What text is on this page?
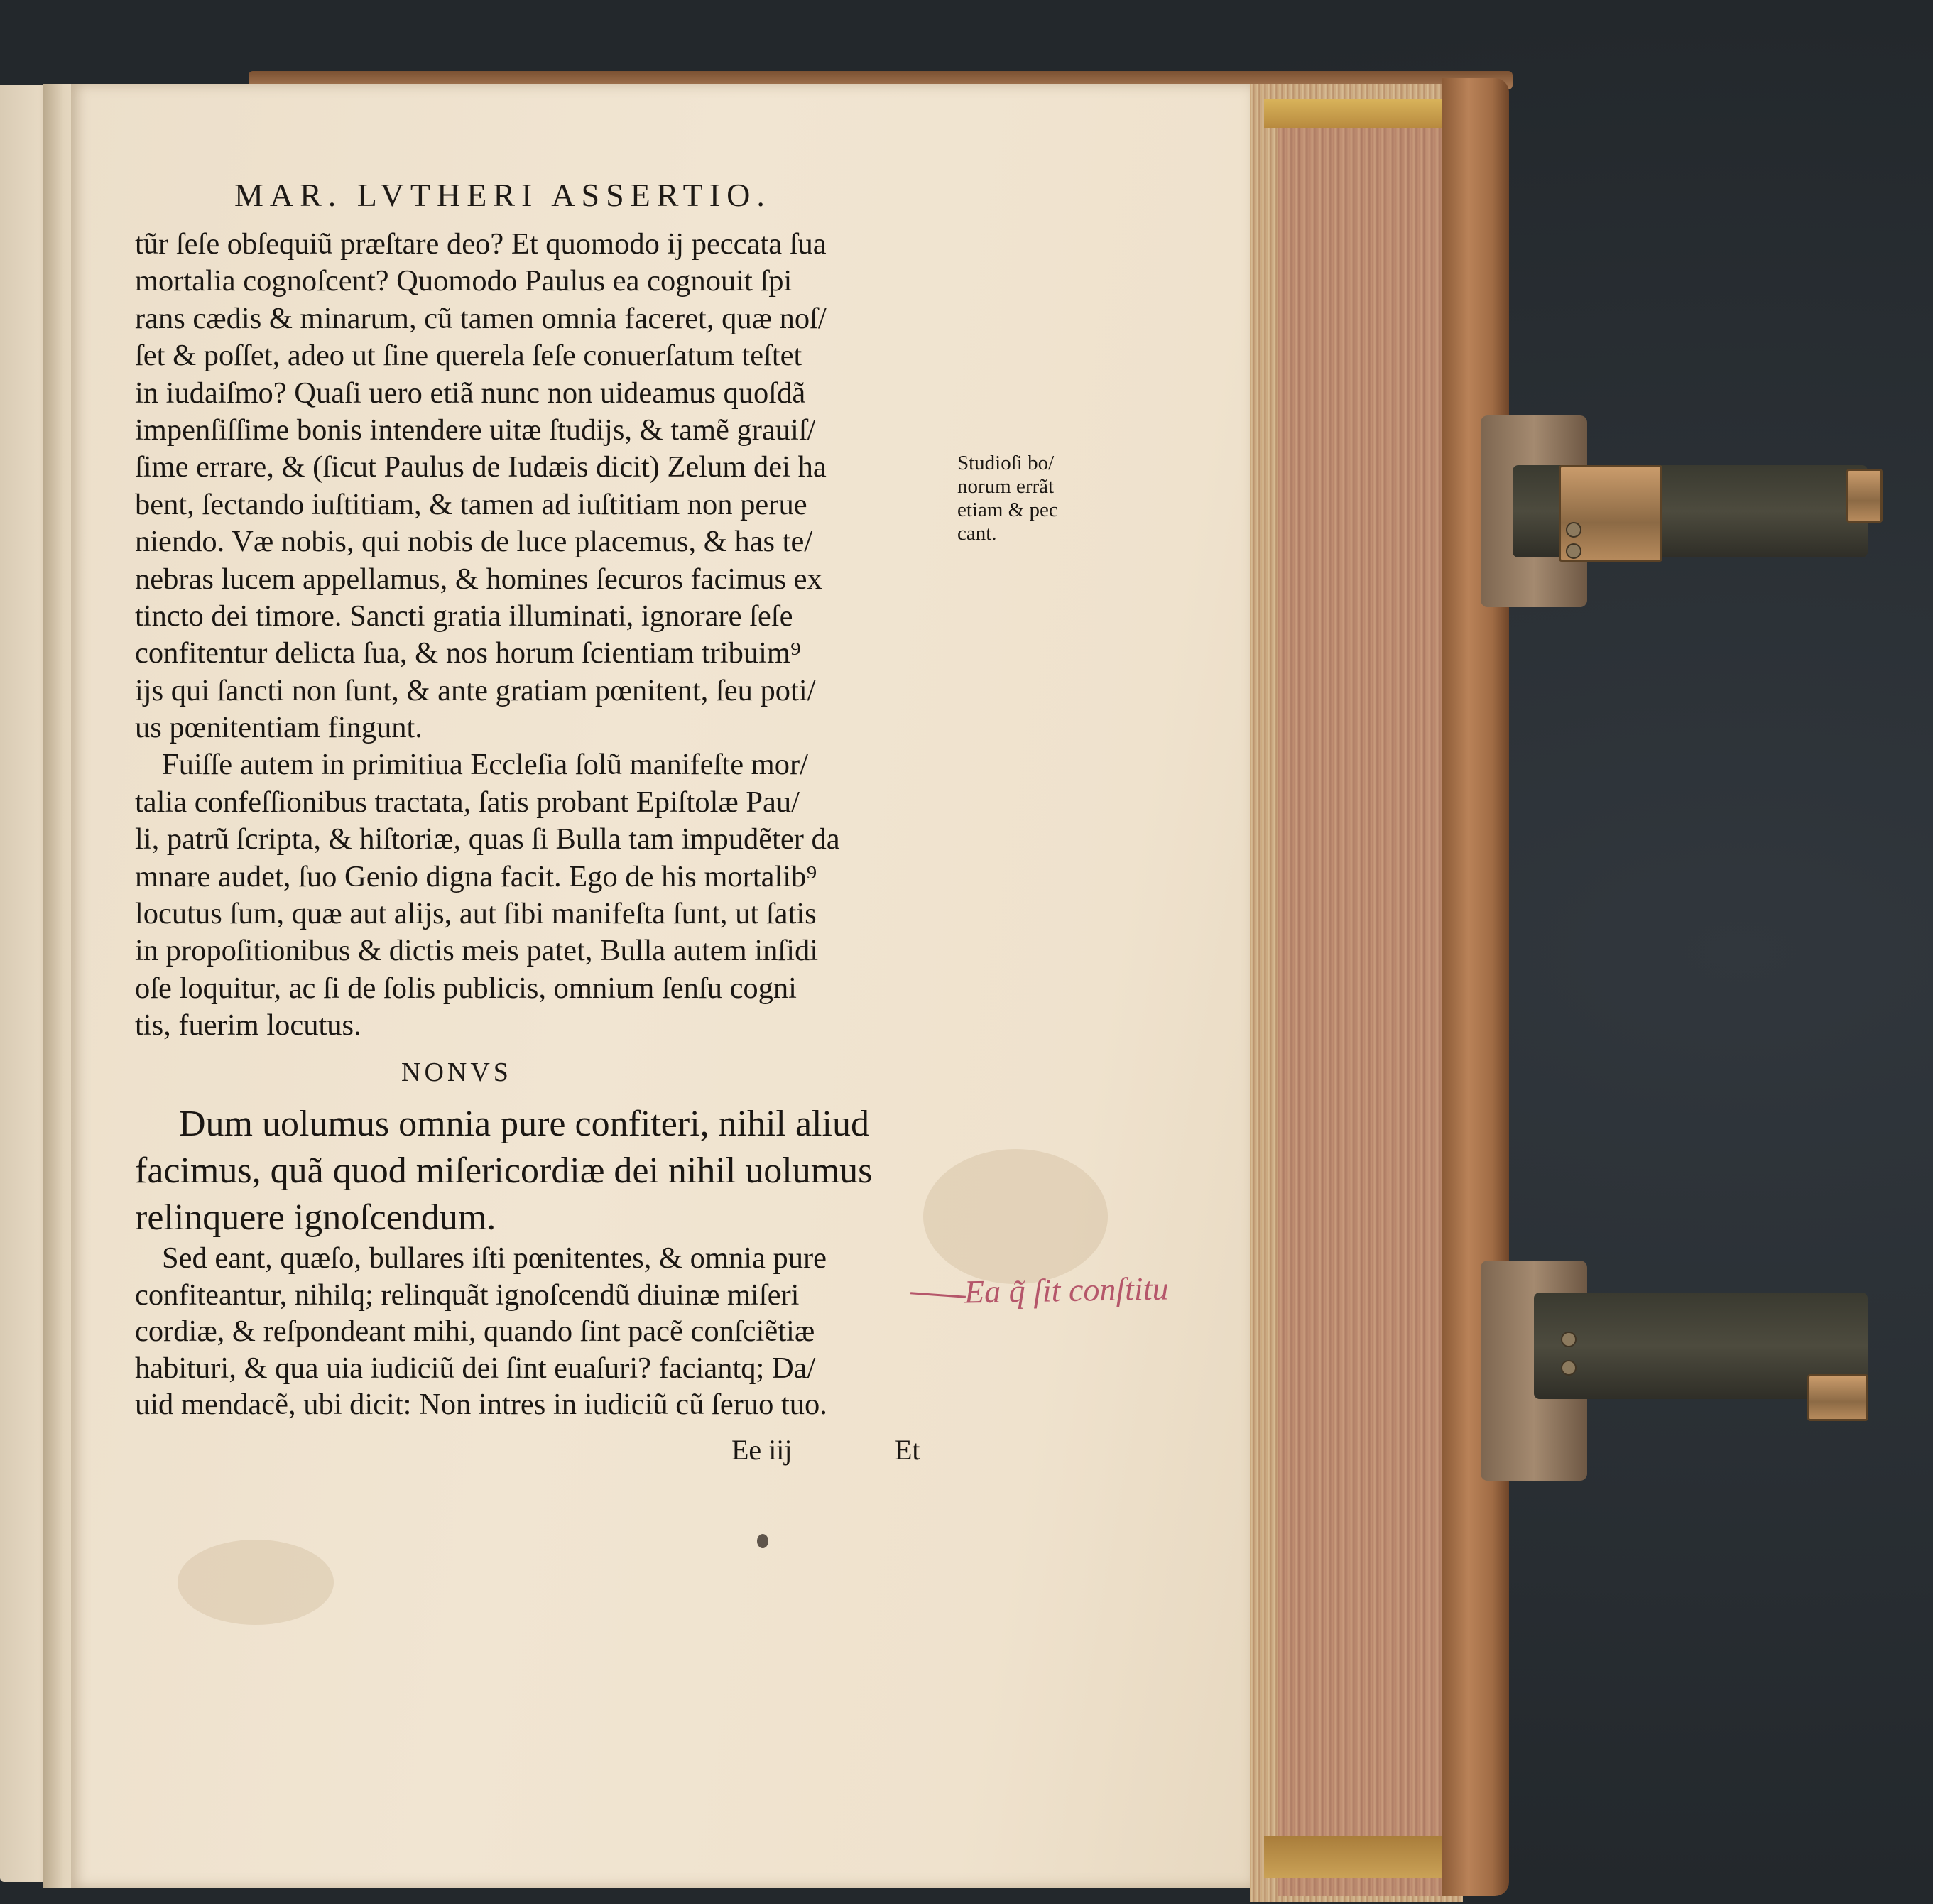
MAR. LVTHERI ASSERTIO.
tũr ſeſe obſequiũ præſtare deo? Et quomodo ij peccata ſua
mortalia cognoſcent? Quomodo Paulus ea cognouit ſpi
rans cædis & minarum, cũ tamen omnia faceret, quæ noſ/
ſet & poſſet, adeo ut ſine querela ſeſe conuerſatum teſtet
in iudaiſmo? Quaſi uero etiã nunc non uideamus quoſdã
impenſiſſime bonis intendere uitæ ſtudijs, & tamẽ grauiſ/
ſime errare, & (ſicut Paulus de Iudæis dicit) Zelum dei ha
bent, ſectando iuſtitiam, & tamen ad iuſtitiam non perue
niendo. Væ nobis, qui nobis de luce placemus, & has te/
nebras lucem appellamus, & homines ſecuros facimus ex
tincto dei timore. Sancti gratia illuminati, ignorare ſeſe
confitentur delicta ſua, & nos horum ſcientiam tribuim⁹
ijs qui ſancti non ſunt, & ante gratiam pœnitent, ſeu poti/
us pœnitentiam fingunt.
Fuiſſe autem in primitiua Eccleſia ſolũ manifeſte mor/
talia confeſſionibus tractata, ſatis probant Epiſtolæ Pau/
li, patrũ ſcripta, & hiſtoriæ, quas ſi Bulla tam impudẽter da
mnare audet, ſuo Genio digna facit. Ego de his mortalib⁹
locutus ſum, quæ aut alijs, aut ſibi manifeſta ſunt, ut ſatis
in propoſitionibus & dictis meis patet, Bulla autem inſidi
oſe loquitur, ac ſi de ſolis publicis, omnium ſenſu cogni
tis, fuerim locutus.
NONVS
Dum uolumus omnia pure confiteri, nihil aliud
facimus, quã quod miſericordiæ dei nihil uolumus
relinquere ignoſcendum.
Sed eant, quæſo, bullares iſti pœnitentes, & omnia pure
confiteantur, nihilq; relinquãt ignoſcendũ diuinæ miſeri
cordiæ, & reſpondeant mihi, quando ſint pacẽ conſciẽtiæ
habituri, & qua uia iudiciũ dei ſint euaſuri? faciantq; Da/
uid mendacẽ, ubi dicit: Non intres in iudiciũ cũ ſeruo tuo.
Ee iij	Et
Studioſi bo/
norum errãt
etiam & pec
cant.
Ea q̃ ſit conſtitu
